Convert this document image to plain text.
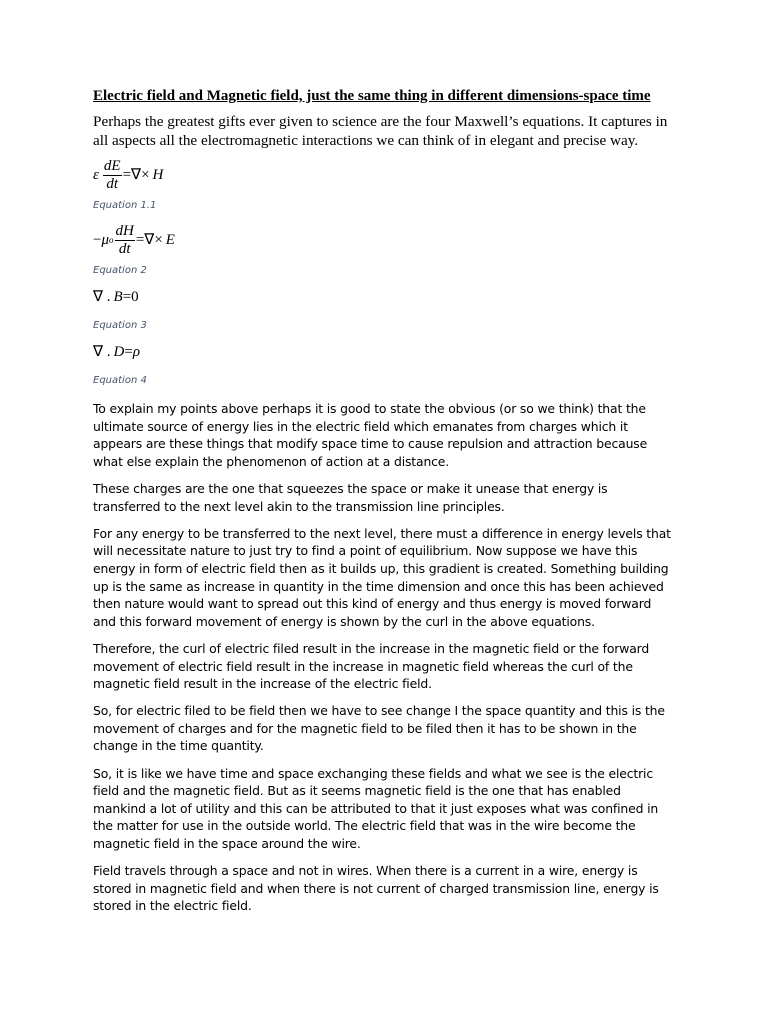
Electric field and Magnetic field, just the same thing in different dimensions-space time

Perhaps the greatest gifts ever given to science are the four Maxwell’s equations. It captures in all aspects all the electromagnetic interactions we can think of in elegant and precise way.

ε $\frac{dE}{dt}$ =∇× H

Equation 1.1

− μ o $\frac{dH}{dt}$ =∇× E

Equation 2

∇ . B =0

Equation 3

∇ . D = ρ

Equation 4

To explain my points above perhaps it is good to state the obvious (or so we think) that the ultimate source of energy lies in the electric field which emanates from charges which it appears are these things that modify space time to cause repulsion and attraction because what else explain the phenomenon of action at a distance.

These charges are the one that squeezes the space or make it unease that energy is transferred to the next level akin to the transmission line principles.

For any energy to be transferred to the next level, there must a difference in energy levels that will necessitate nature to just try to find a point of equilibrium. Now suppose we have this energy in form of electric field then as it builds up, this gradient is created. Something building up is the same as increase in quantity in the time dimension and once this has been achieved then nature would want to spread out this kind of energy and thus energy is moved forward and this forward movement of energy is shown by the curl in the above equations.

Therefore, the curl of electric filed result in the increase in the magnetic field or the forward movement of electric field result in the increase in magnetic field whereas the curl of the magnetic field result in the increase of the electric field.

So, for electric filed to be field then we have to see change I the space quantity and this is the movement of charges and for the magnetic field to be filed then it has to be shown in the change in the time quantity.

So, it is like we have time and space exchanging these fields and what we see is the electric field and the magnetic field. But as it seems magnetic field is the one that has enabled mankind a lot of utility and this can be attributed to that it just exposes what was confined in the matter for use in the outside world. The electric field that was in the wire become the magnetic field in the space around the wire.

Field travels through a space and not in wires. When there is a current in a wire, energy is stored in magnetic field and when there is not current of charged transmission line, energy is stored in the electric field.
